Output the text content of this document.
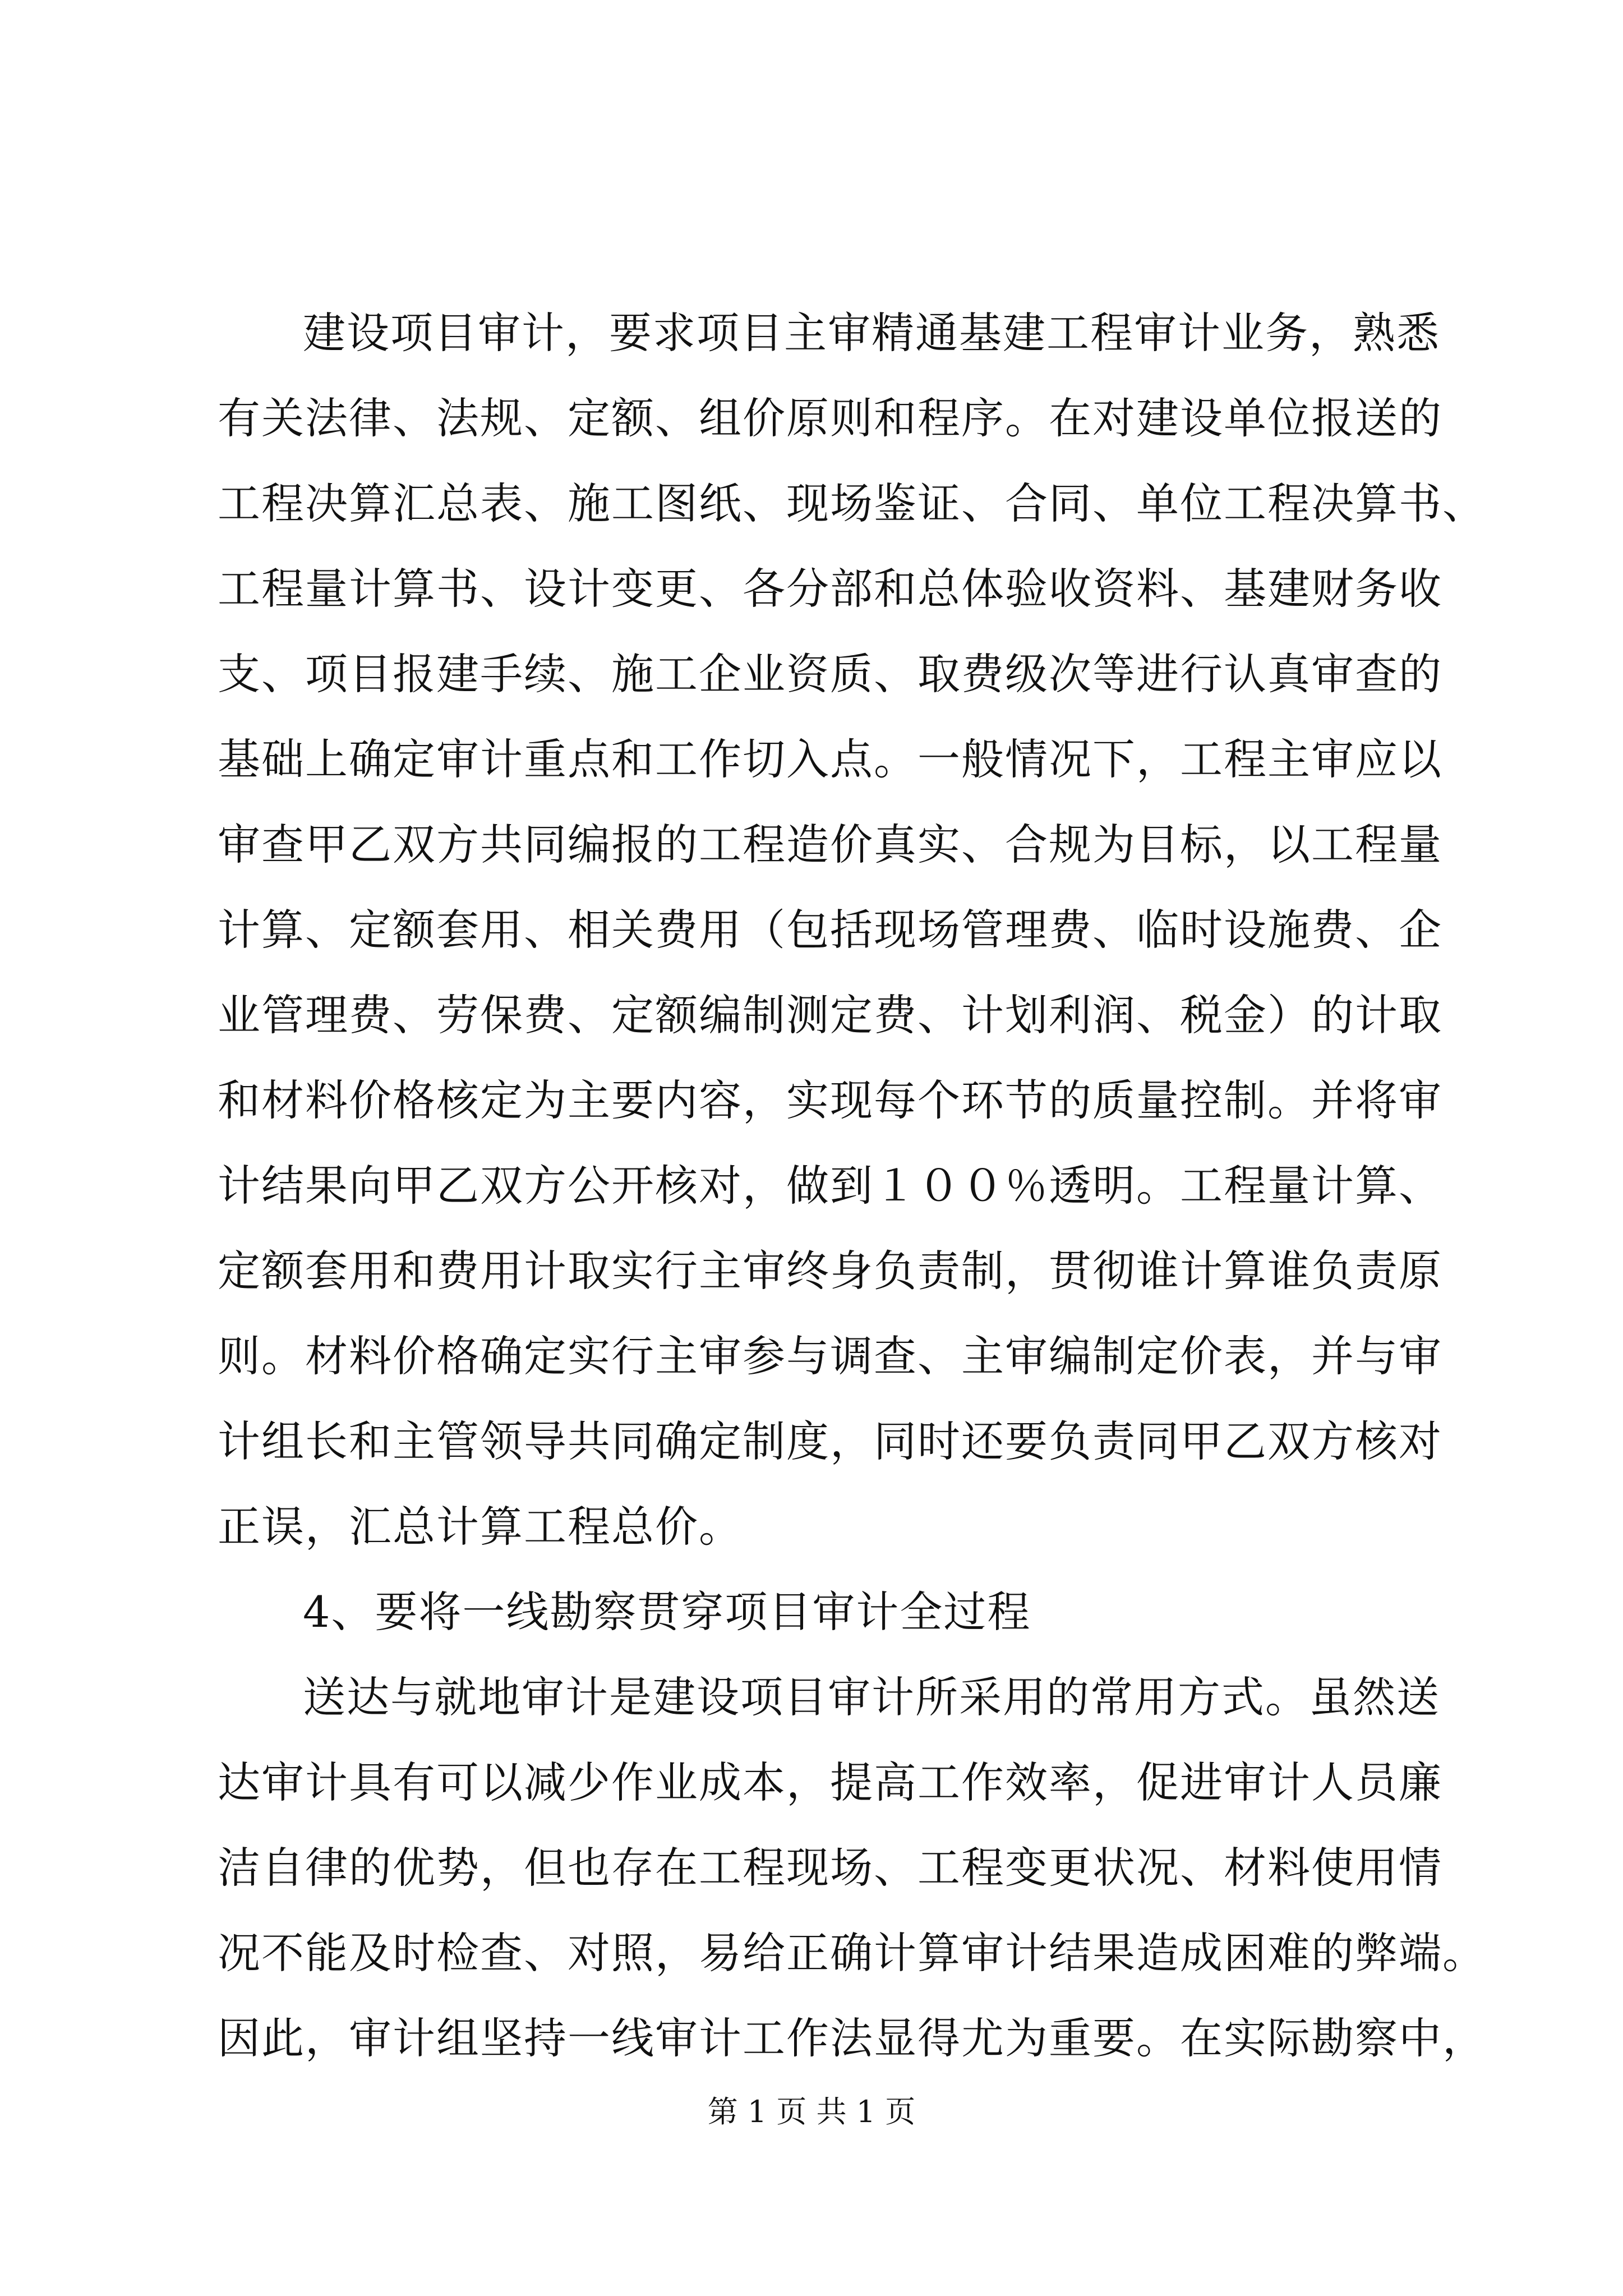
建设项目审计，要求项目主审精通基建工程审计业务，熟悉
有关法律、法规、定额、组价原则和程序。在对建设单位报送的
工程决算汇总表、施工图纸、现场鉴证、合同、单位工程决算书、
工程量计算书、设计变更、各分部和总体验收资料、基建财务收
支、项目报建手续、施工企业资质、取费级次等进行认真审查的
基础上确定审计重点和工作切入点。一般情况下，工程主审应以
审查甲乙双方共同编报的工程造价真实、合规为目标，以工程量
计算、定额套用、相关费用（包括现场管理费、临时设施费、企
业管理费、劳保费、定额编制测定费、计划利润、税金）的计取
和材料价格核定为主要内容，实现每个环节的质量控制。并将审
计结果向甲乙双方公开核对，做到１００％透明。工程量计算、
定额套用和费用计取实行主审终身负责制，贯彻谁计算谁负责原
则。材料价格确定实行主审参与调查、主审编制定价表，并与审
计组长和主管领导共同确定制度，同时还要负责同甲乙双方核对
正误，汇总计算工程总价。
4、要将一线勘察贯穿项目审计全过程
送达与就地审计是建设项目审计所采用的常用方式。虽然送
达审计具有可以减少作业成本，提高工作效率，促进审计人员廉
洁自律的优势，但也存在工程现场、工程变更状况、材料使用情
况不能及时检查、对照，易给正确计算审计结果造成困难的弊端。
因此，审计组坚持一线审计工作法显得尤为重要。在实际勘察中，
第 1 页 共 1 页
